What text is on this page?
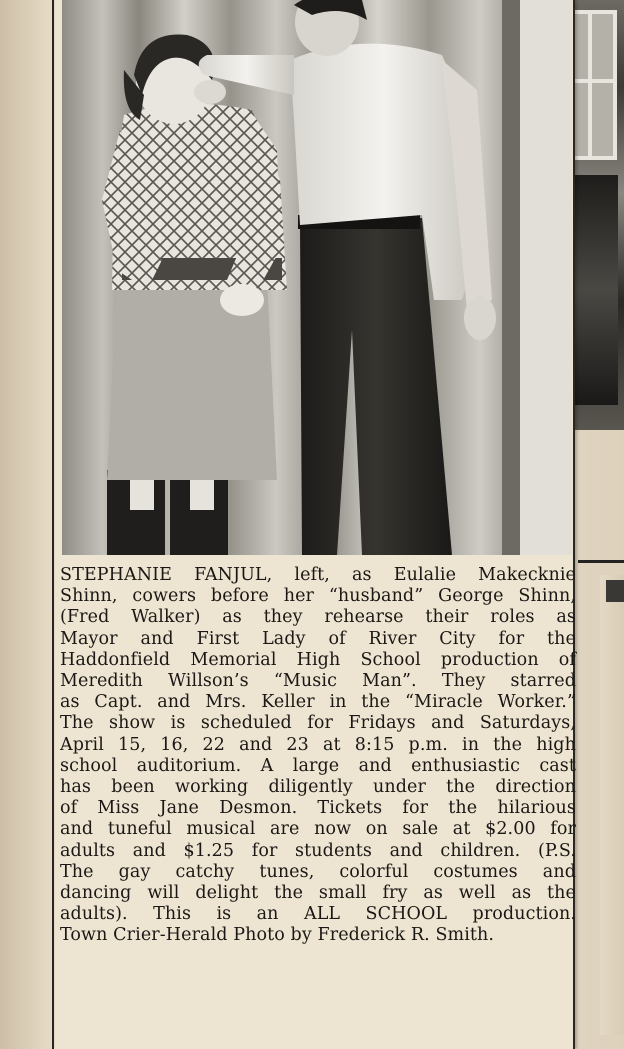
STEPHANIE FANJUL, left, as Eulalie Makecknie
Shinn, cowers before her “husband” George Shinn,
(Fred Walker) as they rehearse their roles as
Mayor and First Lady of River City for the
Haddonfield Memorial High School production of
Meredith Willson’s “Music Man”. They starred
as Capt. and Mrs. Keller in the “Miracle Worker.”
The show is scheduled for Fridays and Saturdays,
April 15, 16, 22 and 23 at 8:15 p.m. in the high
school auditorium. A large and enthusiastic cast
has been working diligently under the direction
of Miss Jane Desmon. Tickets for the hilarious
and tuneful musical are now on sale at $2.00 for
adults and $1.25 for students and children. (P.S.
The gay catchy tunes, colorful costumes and
dancing will delight the small fry as well as the
adults). This is an ALL SCHOOL production.
Town Crier-Herald Photo by Frederick R. Smith.
